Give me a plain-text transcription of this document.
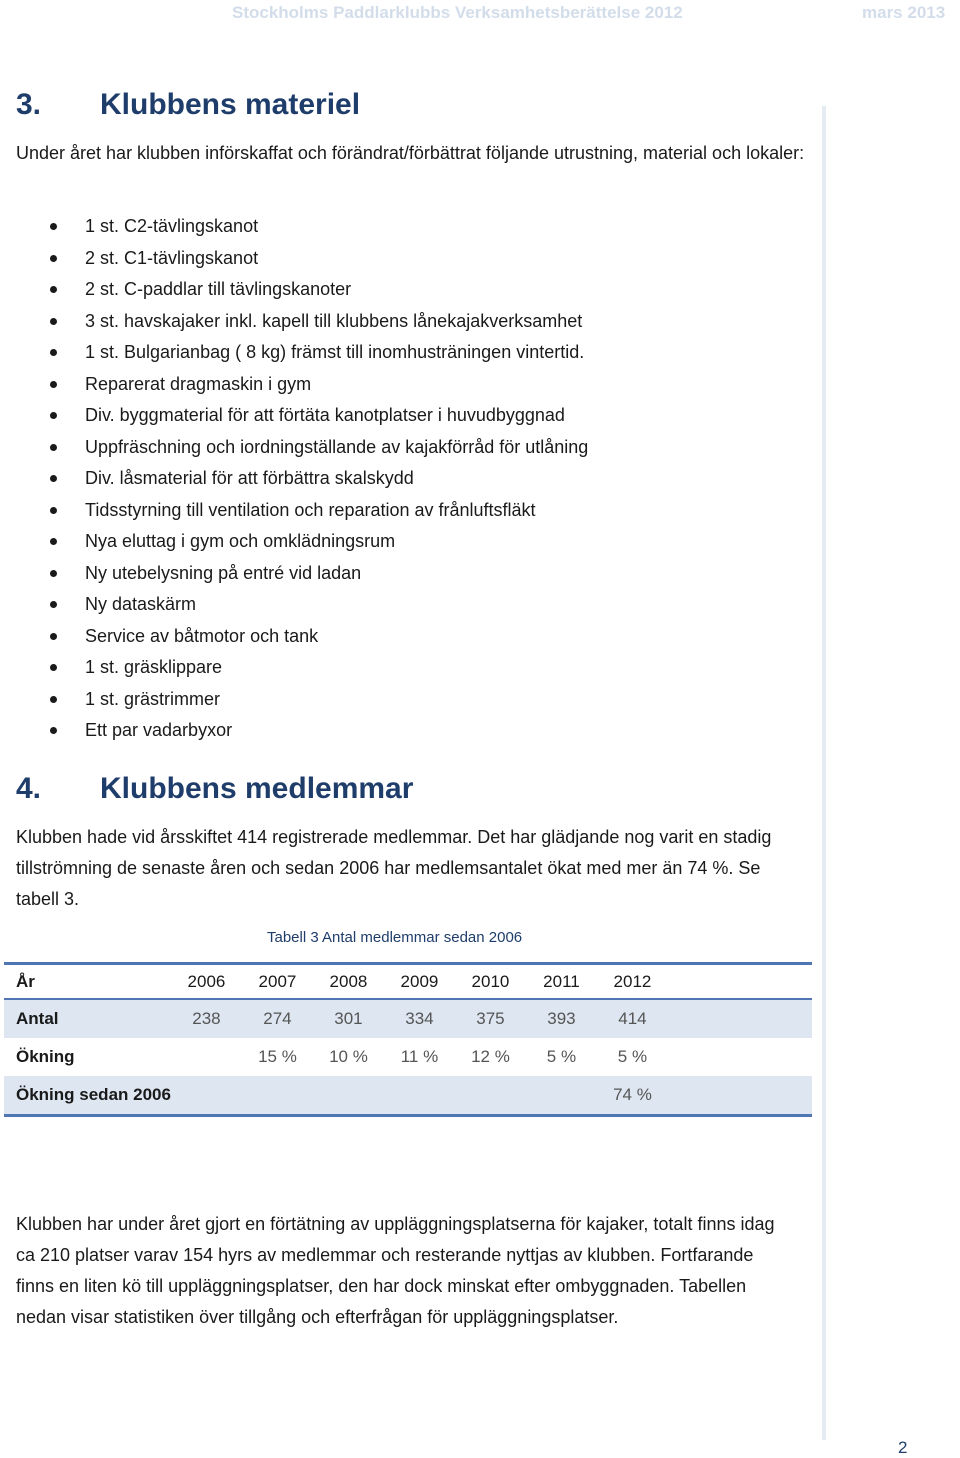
Stockholms Paddlarklubbs Verksamhetsberättelse 2012	mars 2013
3. Klubbens materiel

Under året har klubben införskaffat och förändrat/förbättrat följande utrustning, material och lokaler:

1 st. C2-tävlingskanot
2 st. C1-tävlingskanot
2 st. C-paddlar till tävlingskanoter
3 st. havskajaker inkl. kapell till klubbens lånekajakverksamhet
1 st. Bulgarianbag ( 8 kg) främst till inomhusträningen vintertid.
Reparerat dragmaskin i gym
Div. byggmaterial för att förtäta kanotplatser i huvudbyggnad
Uppfräschning och iordningställande av kajakförråd för utlåning
Div. låsmaterial för att förbättra skalskydd
Tidsstyrning till ventilation och reparation av frånluftsfläkt
Nya eluttag i gym och omklädningsrum
Ny utebelysning på entré vid ladan
Ny dataskärm
Service av båtmotor och tank
1 st. gräsklippare
1 st. grästrimmer
Ett par vadarbyxor
4. Klubbens medlemmar

Klubben hade vid årsskiftet 414 registrerade medlemmar. Det har glädjande nog varit en stadig tillströmning de senaste åren och sedan 2006 har medlemsantalet ökat med mer än 74 %. Se tabell 3.

Tabell 3 Antal medlemmar sedan 2006
År	2006	2007	2008	2009	2010	2011	2012	
Antal	238	274	301	334	375	393	414	
Ökning		15 %	10 %	11 %	12 %	5 %	5 %	
Ökning sedan 2006							74 %	

Klubben har under året gjort en förtätning av uppläggningsplatserna för kajaker, totalt finns idag ca 210 platser varav 154 hyrs av medlemmar och resterande nyttjas av klubben. Fortfarande finns en liten kö till uppläggningsplatser, den har dock minskat efter ombyggnaden. Tabellen nedan visar statistiken över tillgång och efterfrågan för uppläggningsplatser.

2
